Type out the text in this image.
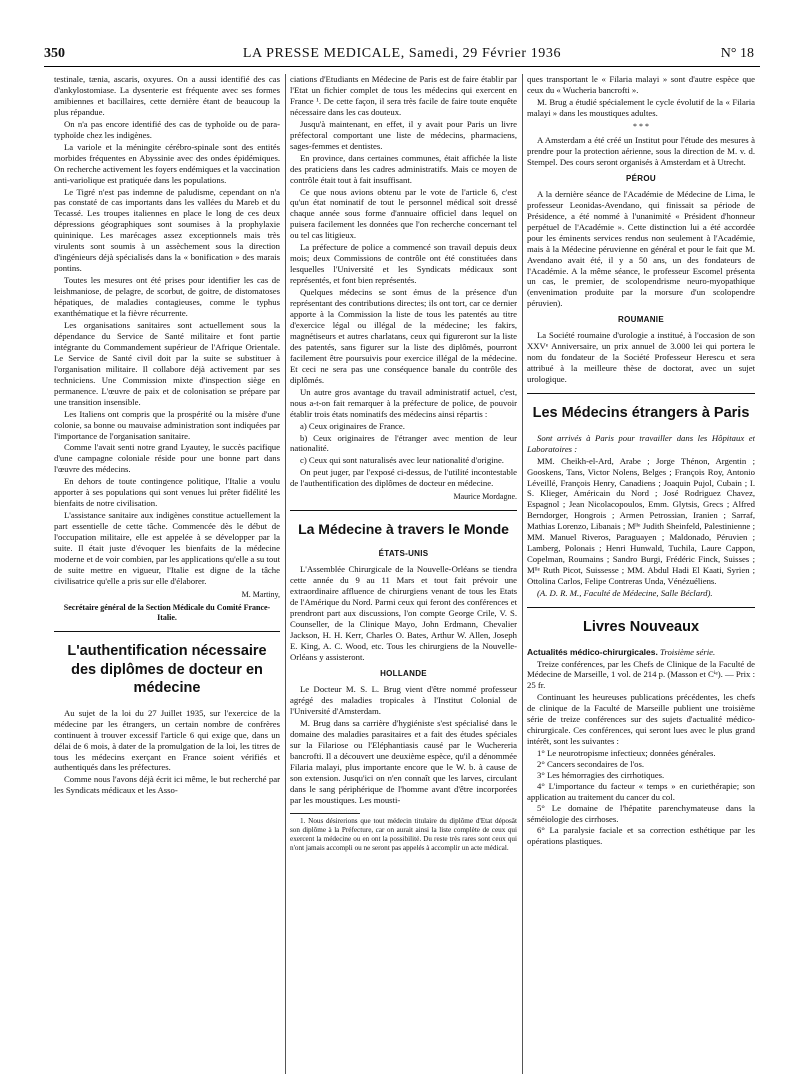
350	LA PRESSE MEDICALE, Samedi, 29 Février 1936	N° 18

testinale, tænia, ascaris, oxyures. On a aussi identifié des cas d'ankylostomiase. La dysenterie est fréquente avec ses formes amibiennes et bacillaires, cette dernière étant de beaucoup la plus répandue.

On n'a pas encore identifié des cas de typhoïde ou de para-typhoïde chez les indigènes.

La variole et la méningite cérébro-spinale sont des entités morbides fréquentes en Abyssinie avec des ondes épidémiques. On recherche activement les foyers endémiques et la vaccination anti-variolique est pratiquée dans les populations.

Le Tigré n'est pas indemne de paludisme, cependant on n'a pas constaté de cas importants dans les vallées du Mareb et du Tecassé. Les troupes italiennes en place le long de ces deux dépressions géographiques sont soumises à la prophylaxie quininique. Les marécages assez exceptionnels mais très virulents sont soumis à un assèchement sous la direction d'ingénieurs déjà spécialisés dans la « bonification » des marais pontins.

Toutes les mesures ont été prises pour identifier les cas de leishmaniose, de pelagre, de scorbut, de goitre, de distomatoses hépatiques, de maladies contagieuses, comme le typhus exanthématique et la fièvre récurrente.

Les organisations sanitaires sont actuellement sous la dépendance du Service de Santé militaire et font partie intégrante du Commandement supérieur de l'Afrique Orientale. Le Service de Santé civil doit par la suite se substituer à l'organisation militaire. Il collabore déjà activement par ses techniciens. Une Commission mixte d'inspection siège en permanence. L'œuvre de paix et de colonisation se prépare par une transition insensible.

Les Italiens ont compris que la prospérité ou la misère d'une colonie, sa bonne ou mauvaise administration sont indiquées par l'importance de l'organisation sanitaire.

Comme l'avait senti notre grand Lyautey, le succès pacifique d'une campagne coloniale réside pour une bonne part dans l'œuvre des médecins.

En dehors de toute contingence politique, l'Italie a voulu apporter à ses populations qui sont venues lui prêter fidélité les bienfaits de notre civilisation.

L'assistance sanitaire aux indigènes constitue actuellement la part essentielle de cette tâche. Commencée dès le début de l'occupation militaire, elle est appelée à se développer par la suite. Il était juste d'évoquer les bienfaits de la médecine moderne et de voir combien, par les applications qu'elle a su tout de suite mettre en vigueur, l'Italie est digne de la tâche civilisatrice qu'elle a pris sur elle d'élaborer.

M. Martiny,
Secrétaire général de la Section Médicale du Comité France-Italie.
L'authentification nécessaire des diplômes de docteur en médecine

Au sujet de la loi du 27 Juillet 1935, sur l'exercice de la médecine par les étrangers, un certain nombre de confrères continuent à trouver excessif l'article 6 qui exige que, dans un délai de 6 mois, à dater de la promulgation de la loi, les titres de tous les médecins exerçant en France soient vérifiés et authentiqués dans les préfectures.

Comme nous l'avons déjà écrit ici même, le but recherché par les Syndicats médicaux et les Asso-

ciations d'Etudiants en Médecine de Paris est de faire établir par l'Etat un fichier complet de tous les médecins qui exercent en France ¹. De cette façon, il sera très facile de faire toute enquête nécessaire dans les cas douteux.

Jusqu'à maintenant, en effet, il y avait pour Paris un livre préfectoral comportant une liste de médecins, pharmaciens, sages-femmes et dentistes.

En province, dans certaines communes, était affichée la liste des praticiens dans les cadres administratifs. Mais ce moyen de contrôle était tout à fait insuffisant.

Ce que nous avions obtenu par le vote de l'article 6, c'est qu'un état nominatif de tout le personnel médical soit dressé chaque année sous forme d'annuaire officiel dans lequel on puisera facilement les données que l'on recherche concernant tel ou tel cas litigieux.

La préfecture de police a commencé son travail depuis deux mois; deux Commissions de contrôle ont été constituées dans lesquelles l'Université et les Syndicats médicaux sont représentés, et font bien représentés.

Quelques médecins se sont émus de la présence d'un représentant des contributions directes; ils ont tort, car ce dernier apporte à la Commission la liste de tous les patentés au titre d'exercice légal ou illégal de la médecine; les fakirs, magnétiseurs et autres charlatans, ceux qui figureront sur la liste des patentés, sans figurer sur la liste des diplômés, pourront facilement être poursuivis pour exercice illégal de la médecine. Et ceci ne sera pas une conséquence banale du contrôle des diplômés.

Un autre gros avantage du travail administratif actuel, c'est, nous a-t-on fait remarquer à la préfecture de police, de pouvoir établir trois états nominatifs des médecins ainsi répartis :

a) Ceux originaires de France.

b) Ceux originaires de l'étranger avec mention de leur nationalité.

c) Ceux qui sont naturalisés avec leur nationalité d'origine.

On peut juger, par l'exposé ci-dessus, de l'utilité incontestable de l'authentification des diplômes de docteur en médecine.

Maurice Mordagne.
La Médecine à travers le Monde
ÉTATS-UNIS

L'Assemblée Chirurgicale de la Nouvelle-Orléans se tiendra cette année du 9 au 11 Mars et tout fait prévoir une extraordinaire affluence de chirurgiens venant de tous les Etats de l'Amérique du Nord. Parmi ceux qui feront des conférences et prendront part aux discussions, l'on compte George Crile, V. S. Counseller, de la Clinique Mayo, John Erdmann, Chevalier Jackson, H. H. Kerr, Charles O. Bates, Arthur W. Allen, Joseph E. King, A. C. Wood, etc. Tous les chirurgiens de la Nouvelle-Orléans y assisteront.

HOLLANDE

Le Docteur M. S. L. Brug vient d'être nommé professeur agrégé des maladies tropicales à l'Institut Colonial de l'Université d'Amsterdam.

M. Brug dans sa carrière d'hygiéniste s'est spécialisé dans le domaine des maladies parasitaires et a fait des études spéciales sur la Filariose ou l'Eléphantiasis causé par le Wuchereria bancrofti. Il a découvert une deuxième espèce, qu'il a dénommée Filaria malayi, plus importante encore que le W. b. à cause de son extension. Jusqu'ici on n'en connaît que les larves, circulant dans le sang périphérique de l'homme avant d'être incorporées par les moustiques. Les mousti-

1. Nous désirerions que tout médecin titulaire du diplôme d'Etat déposât son diplôme à la Préfecture, car on aurait ainsi la liste complète de ceux qui exercent la médecine ou en ont la possibilité. Du reste très rares sont ceux qui n'ont jamais accompli ou ne seront pas appelés à accomplir un acte médical.

ques transportant le « Filaria malayi » sont d'autre espèce que ceux du « Wucheria bancrofti ».

M. Brug a étudié spécialement le cycle évolutif de la « Filaria malayi » dans les moustiques adultes.

* * *

A Amsterdam a été créé un Institut pour l'étude des mesures à prendre pour la protection aérienne, sous la direction de M. v. d. Stempel. Des cours seront organisés à Amsterdam et à Utrecht.

PÉROU

A la dernière séance de l'Académie de Médecine de Lima, le professeur Leonidas-Avendano, qui finissait sa période de Présidence, a été nommé à l'unanimité « Président d'honneur perpétuel de l'Académie ». Cette distinction lui a été accordée pour les éminents services rendus non seulement à l'Académie, mais à la Médecine péruvienne en général et pour le fait que M. Avendano avait été, il y a 50 ans, un des fondateurs de l'Académie. A la même séance, le professeur Escomel présenta un cas, le premier, de scolopendrisme neuro-myopathique (envenimation produite par la morsure d'un scolopendre péruvien).

ROUMANIE

La Société roumaine d'urologie a institué, à l'occasion de son XXVᵉ Anniversaire, un prix annuel de 3.000 lei qui portera le nom du fondateur de la Société Professeur Herescu et sera attribué à la meilleure thèse de doctorat, avec un sujet urologique.

Les Médecins étrangers à Paris

Sont arrivés à Paris pour travailler dans les Hôpitaux et Laboratoires :

MM. Cheikh-el-Ard, Arabe ; Jorge Thénon, Argentin ; Gooskens, Tans, Victor Nolens, Belges ; François Roy, Antonio Léveillé, François Henry, Canadiens ; Joaquin Pujol, Cubain ; I. S. Klieger, Américain du Nord ; José Rodriguez Chavez, Espagnol ; Jean Nicolacopoulos, Emm. Glytsis, Grecs ; Alfred Berndorger, Hongrois ; Armen Petrossian, Iranien ; Sarraf, Mathias Lorenzo, Libanais ; Mˡˡᵉ Judith Sheinfeld, Palestinienne ; MM. Manuel Riveros, Paraguayen ; Maldonado, Péruvien ; Lamberg, Polonais ; Henri Hunwald, Tuchila, Laure Cappon, Copelman, Roumains ; Sandro Burgi, Frédéric Finck, Suisses ; Mˡˡᵉ Ruth Picot, Suissesse ; MM. Abdul Hadi El Kaati, Syrien ; Ottolina Carlos, Felipe Contreras Unda, Vénézuéliens.

(A. D. R. M., Faculté de Médecine, Salle Béclard).

Livres Nouveaux

Actualités médico-chirurgicales. Troisième série.

Treize conférences, par les Chefs de Clinique de la Faculté de Médecine de Marseille, 1 vol. de 214 p. (Masson et Cⁱᵉ). — Prix : 25 fr.

Continuant les heureuses publications précédentes, les chefs de clinique de la Faculté de Marseille publient une troisième série de treize conférences sur des sujets d'actualité médico-chirurgicale. Ces conférences, qui seront lues avec le plus grand intérêt, sont les suivantes :

1° Le neurotropisme infectieux; données générales.
2° Cancers secondaires de l'os.
3° Les hémorragies des cirrhotiques.
4° L'importance du facteur « temps » en curiethérapie; son application au traitement du cancer du col.
5° Le domaine de l'hépatite parenchymateuse dans la séméiologie des cirrhoses.
6° La paralysie faciale et sa correction esthétique par les opérations plastiques.
